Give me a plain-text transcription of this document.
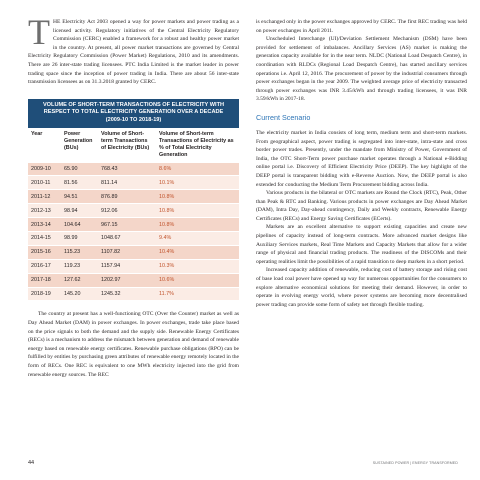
T HE Electricity Act 2003 opened a way for power markets and power trading as a licensed activity. Regulatory initiatives of the Central Electricity Regulatory Commission (CERC) enabled a framework for a robust and healthy power market in the country. At present, all power market transactions are governed by Central Electricity Regulatory Commission (Power Market) Regulations, 2010 and its amendments. There are 26 inter-state trading licensees. PTC India Limited is the market leader in power trading space since the inception of power trading in India. There are about 56 inter-state transmission licensees as on 31.3.2018 granted by CERC.

VOLUME OF SHORT-TERM TRANSACTIONS OF ELECTRICITY WITH RESPECT TO TOTAL ELECTRICITY GENERATION OVER A DECADE (2009-10 TO 2018-19)
Year	Power Generation (BUs)	Volume of Short-term Transactions of Electricity (BUs)	Volume of Short-term Transactions of Electricity as % of Total Electricity Generation
2009-10	65.90	768.43	8.6%
2010-11	81.56	811.14	10.1%
2011-12	94.51	876.89	10.8%
2012-13	98.94	912.06	10.8%
2013-14	104.64	967.15	10.8%
2014-15	98.99	1048.67	9.4%
2015-16	115.23	1107.82	10.4%
2016-17	119.23	1157.94	10.3%
2017-18	127.62	1202.97	10.6%
2018-19	145.20	1245.32	11.7%

The country at present has a well-functioning OTC (Over the Counter) market as well as Day Ahead Market (DAM) in power exchanges. In power exchanges, trade take place based on the price signals to both the demand and the supply side. Renewable Energy Certificates (RECs) is a mechanism to address the mismatch between generation and demand of renewable energy based on renewable energy certificates. Renewable purchase obligations (RPO) can be fulfilled by entities by purchasing green attributes of renewable energy remotely located in the form of RECs. One REC is equivalent to one MWh electricity injected into the grid from renewable energy sources. The REC

is exchanged only in the power exchanges approved by CERC. The first REC trading was held on power exchanges in April 2011.

Unscheduled Interchange (UI)/Deviation Settlement Mechanism (DSM) have been provided for settlement of imbalances. Ancillary Services (AS) market is making the generation capacity available for in the near term. NLDC (National Load Despatch Centre), in coordination with RLDCs (Regional Load Despatch Centre), has started ancillary services operations i.e. April 12, 2016. The procurement of power by the industrial consumers through power exchanges began in the year 2009. The weighted average price of electricity transacted through power exchanges was INR 3.45/kWh and through trading licensees, it was INR 3.59/kWh in 2017-18.

Current Scenario

The electricity market in India consists of long term, medium term and short-term markets. From geographical aspect, power trading is segregated into inter-state, intra-state and cross border power trades. Presently, under the mandate from Ministry of Power, Government of India, the OTC Short-Term power purchase market operates through a National e-Bidding online portal i.e. Discovery of Efficient Electricity Price (DEEP). The key highlight of the DEEP portal is transparent bidding with e-Reverse Auction. Now, the DEEP portal is also extended for conducting the Medium Term Procurement bidding across India.

Various products in the bilateral or OTC markets are Round the Clock (RTC), Peak, Other than Peak & RTC and Banking. Various products in power exchanges are Day Ahead Market (DAM), Intra Day, Day-ahead contingency, Daily and Weekly contracts, Renewable Energy Certificates (RECs) and Energy Saving Certificates (ECerts).

Markets are an excellent alternative to support existing capacities and create new pipelines of capacity instead of long-term contracts. More advanced market designs like Auxiliary Services markets, Real Time Markets and Capacity Markets that allow for a wider range of physical and financial trading products. The readiness of the DISCOMs and their operating realities limit the possibilities of a rapid transition to deep markets in a short period.

Increased capacity addition of renewable, reducing cost of battery storage and rising cost of base load coal power have opened up way for numerous opportunities for the consumers to explore alternative economical solutions for meeting their demand. However, in order to operate in evolving energy world, where power systems are becoming more decentralised power trading can provide some form of safety net through flexible trading.

44	SUSTAINED POWER | ENERGY TRANSFORMED
